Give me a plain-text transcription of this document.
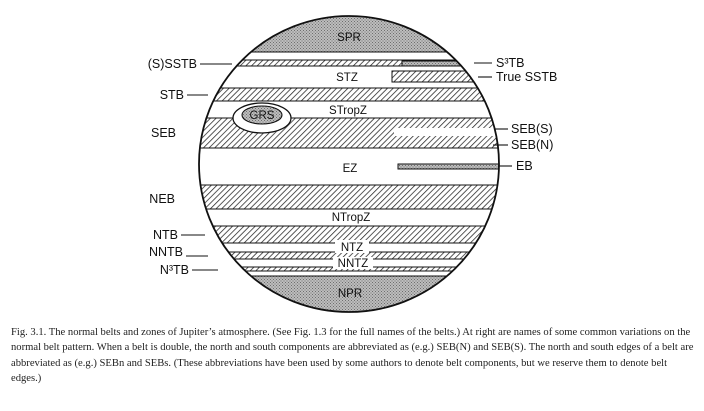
SPR
STZ
GRS	STropZ
EZ
NTropZ
NTZ
NNTZ
NPR
(S)SSTB
STB
SEB
NEB
NTB
NNTB
N³TB
S³TB
True SSTB
SEB(S)
SEB(N)
EB

Fig. 3.1. The normal belts and zones of Jupiter’s atmosphere. (See Fig. 1.3 for the full names of the belts.) At right are names of some common variations on the normal belt pattern. When a belt is double, the north and south components are abbreviated as (e.g.) SEB(N) and SEB(S). The north and south edges of a belt are abbreviated as (e.g.) SEBn and SEBs. (These abbreviations have been used by some authors to denote belt components, but we reserve them to denote belt edges.)
